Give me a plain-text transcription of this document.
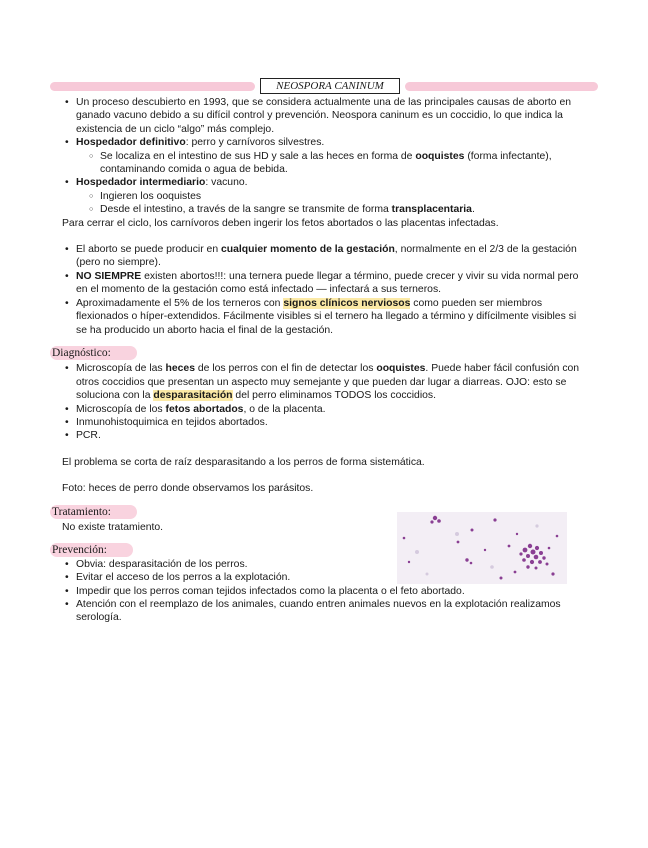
NEOSPORA CANINUM
• Un proceso descubierto en 1993, que se considera actualmente una de las principales causas de aborto en ganado vacuno debido a su difícil control y prevención. Neospora caninum es un coccidio, lo que indica la existencia de un ciclo “algo” más complejo.
• Hospedador definitivo: perro y carnívoros silvestres.
○ Se localiza en el intestino de sus HD y sale a las heces en forma de ooquistes (forma infectante), contaminando comida o agua de bebida.
• Hospedador intermediario: vacuno.
○ Ingieren los ooquistes
○ Desde el intestino, a través de la sangre se transmite de forma transplacentaria.

Para cerrar el ciclo, los carnívoros deben ingerir los fetos abortados o las placentas infectadas.

• El aborto se puede producir en cualquier momento de la gestación, normalmente en el 2/3 de la gestación (pero no siempre).
• NO SIEMPRE existen abortos!!!: una ternera puede llegar a término, puede crecer y vivir su vida normal pero en el momento de la gestación como está infectado — infectará a sus terneros.
• Aproximadamente el 5% de los terneros con signos clínicos nerviosos como pueden ser miembros flexionados o híper-extendidos. Fácilmente visibles si el ternero ha llegado a término y difícilmente visibles si se ha producido un aborto hacia el final de la gestación.
Diagnóstico:
• Microscopía de las heces de los perros con el fin de detectar los ooquistes. Puede haber fácil confusión con otros coccidios que presentan un aspecto muy semejante y que pueden dar lugar a diarreas. OJO: esto se soluciona con la desparasitación del perro eliminamos TODOS los coccidios.
• Microscopía de los fetos abortados, o de la placenta.
• Inmunohistoquimica en tejidos abortados.
• PCR.

El problema se corta de raíz desparasitando a los perros de forma sistemática.

Foto: heces de perro donde observamos los parásitos.

Tratamiento:

No existe tratamiento.

Prevención:
• Obvia: desparasitación de los perros.
• Evitar el acceso de los perros a la explotación.
• Impedir que los perros coman tejidos infectados como la placenta o el feto abortado.
• Atención con el reemplazo de los animales, cuando entren animales nuevos en la explotación realizamos serología.
